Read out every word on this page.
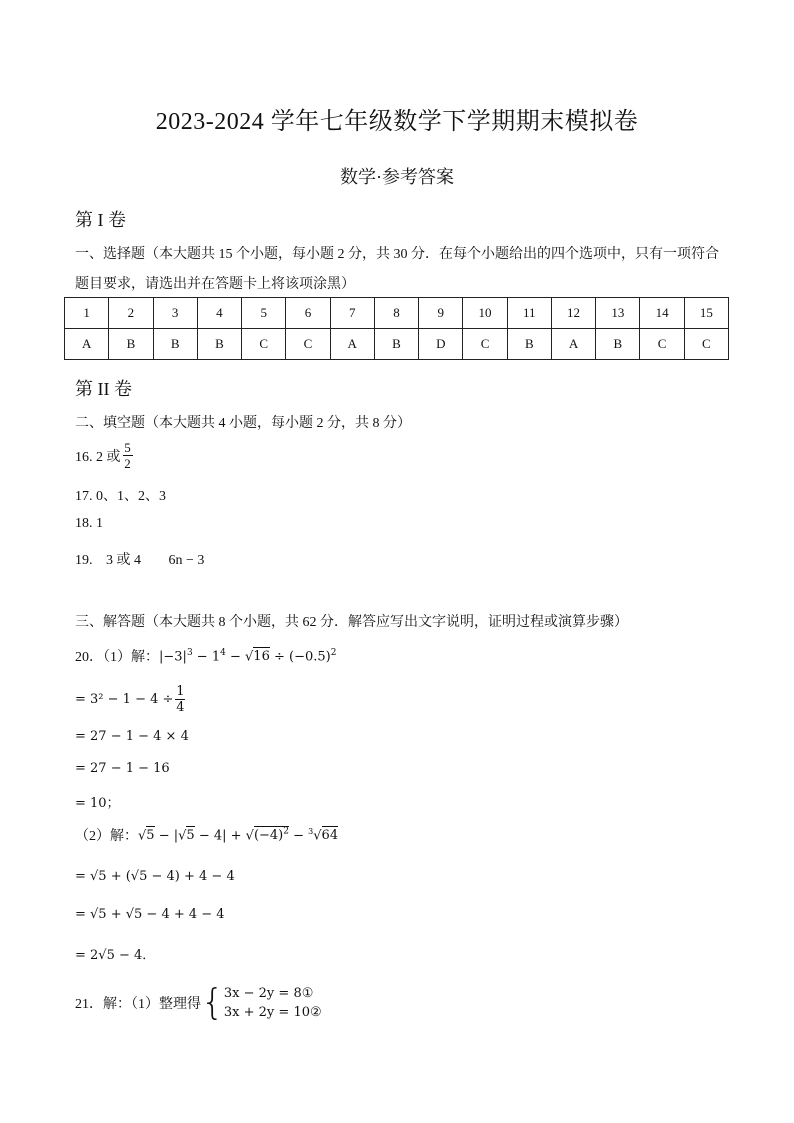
2023-2024 学年七年级数学下学期期末模拟卷
数学·参考答案
第 I 卷
一、选择题（本大题共 15 个小题，每小题 2 分，共 30 分．在每个小题给出的四个选项中，只有一项符合
题目要求，请选出并在答题卡上将该项涂黑）
1	2	3	4	5	6	7	8	9	10	11	12	13	14	15
A	B	B	B	C	C	A	B	D	C	B	A	B	C	C
第 II 卷
二、填空题（本大题共 4 小题，每小题 2 分，共 8 分）
16. 2 或 $\frac{5}{2}$
17. 0、1、2、3
18. 1
19. 3 或 4 6n − 3
三、解答题（本大题共 8 个小题，共 62 分．解答应写出文字说明，证明过程或演算步骤）
20．（1）解： $|-3|^3 - 1^4 - √16 \div (-0.5)^2$
= $3^2 - 1 - 4 \div \frac{1}{4}$
= 27 − 1 − 4 × 4
= 27 − 1 − 16
= 10；
（2）解： $√5 - |√5 - 4| + √(-4)^2 - ^3√64$
= √5 + (√5 − 4) + 4 − 4
= √5 + √5 − 4 + 4 − 4
= 2√5 − 4．
21．解：（1）整理得 { 3x − 2y = 8①
3x + 2y = 10②
